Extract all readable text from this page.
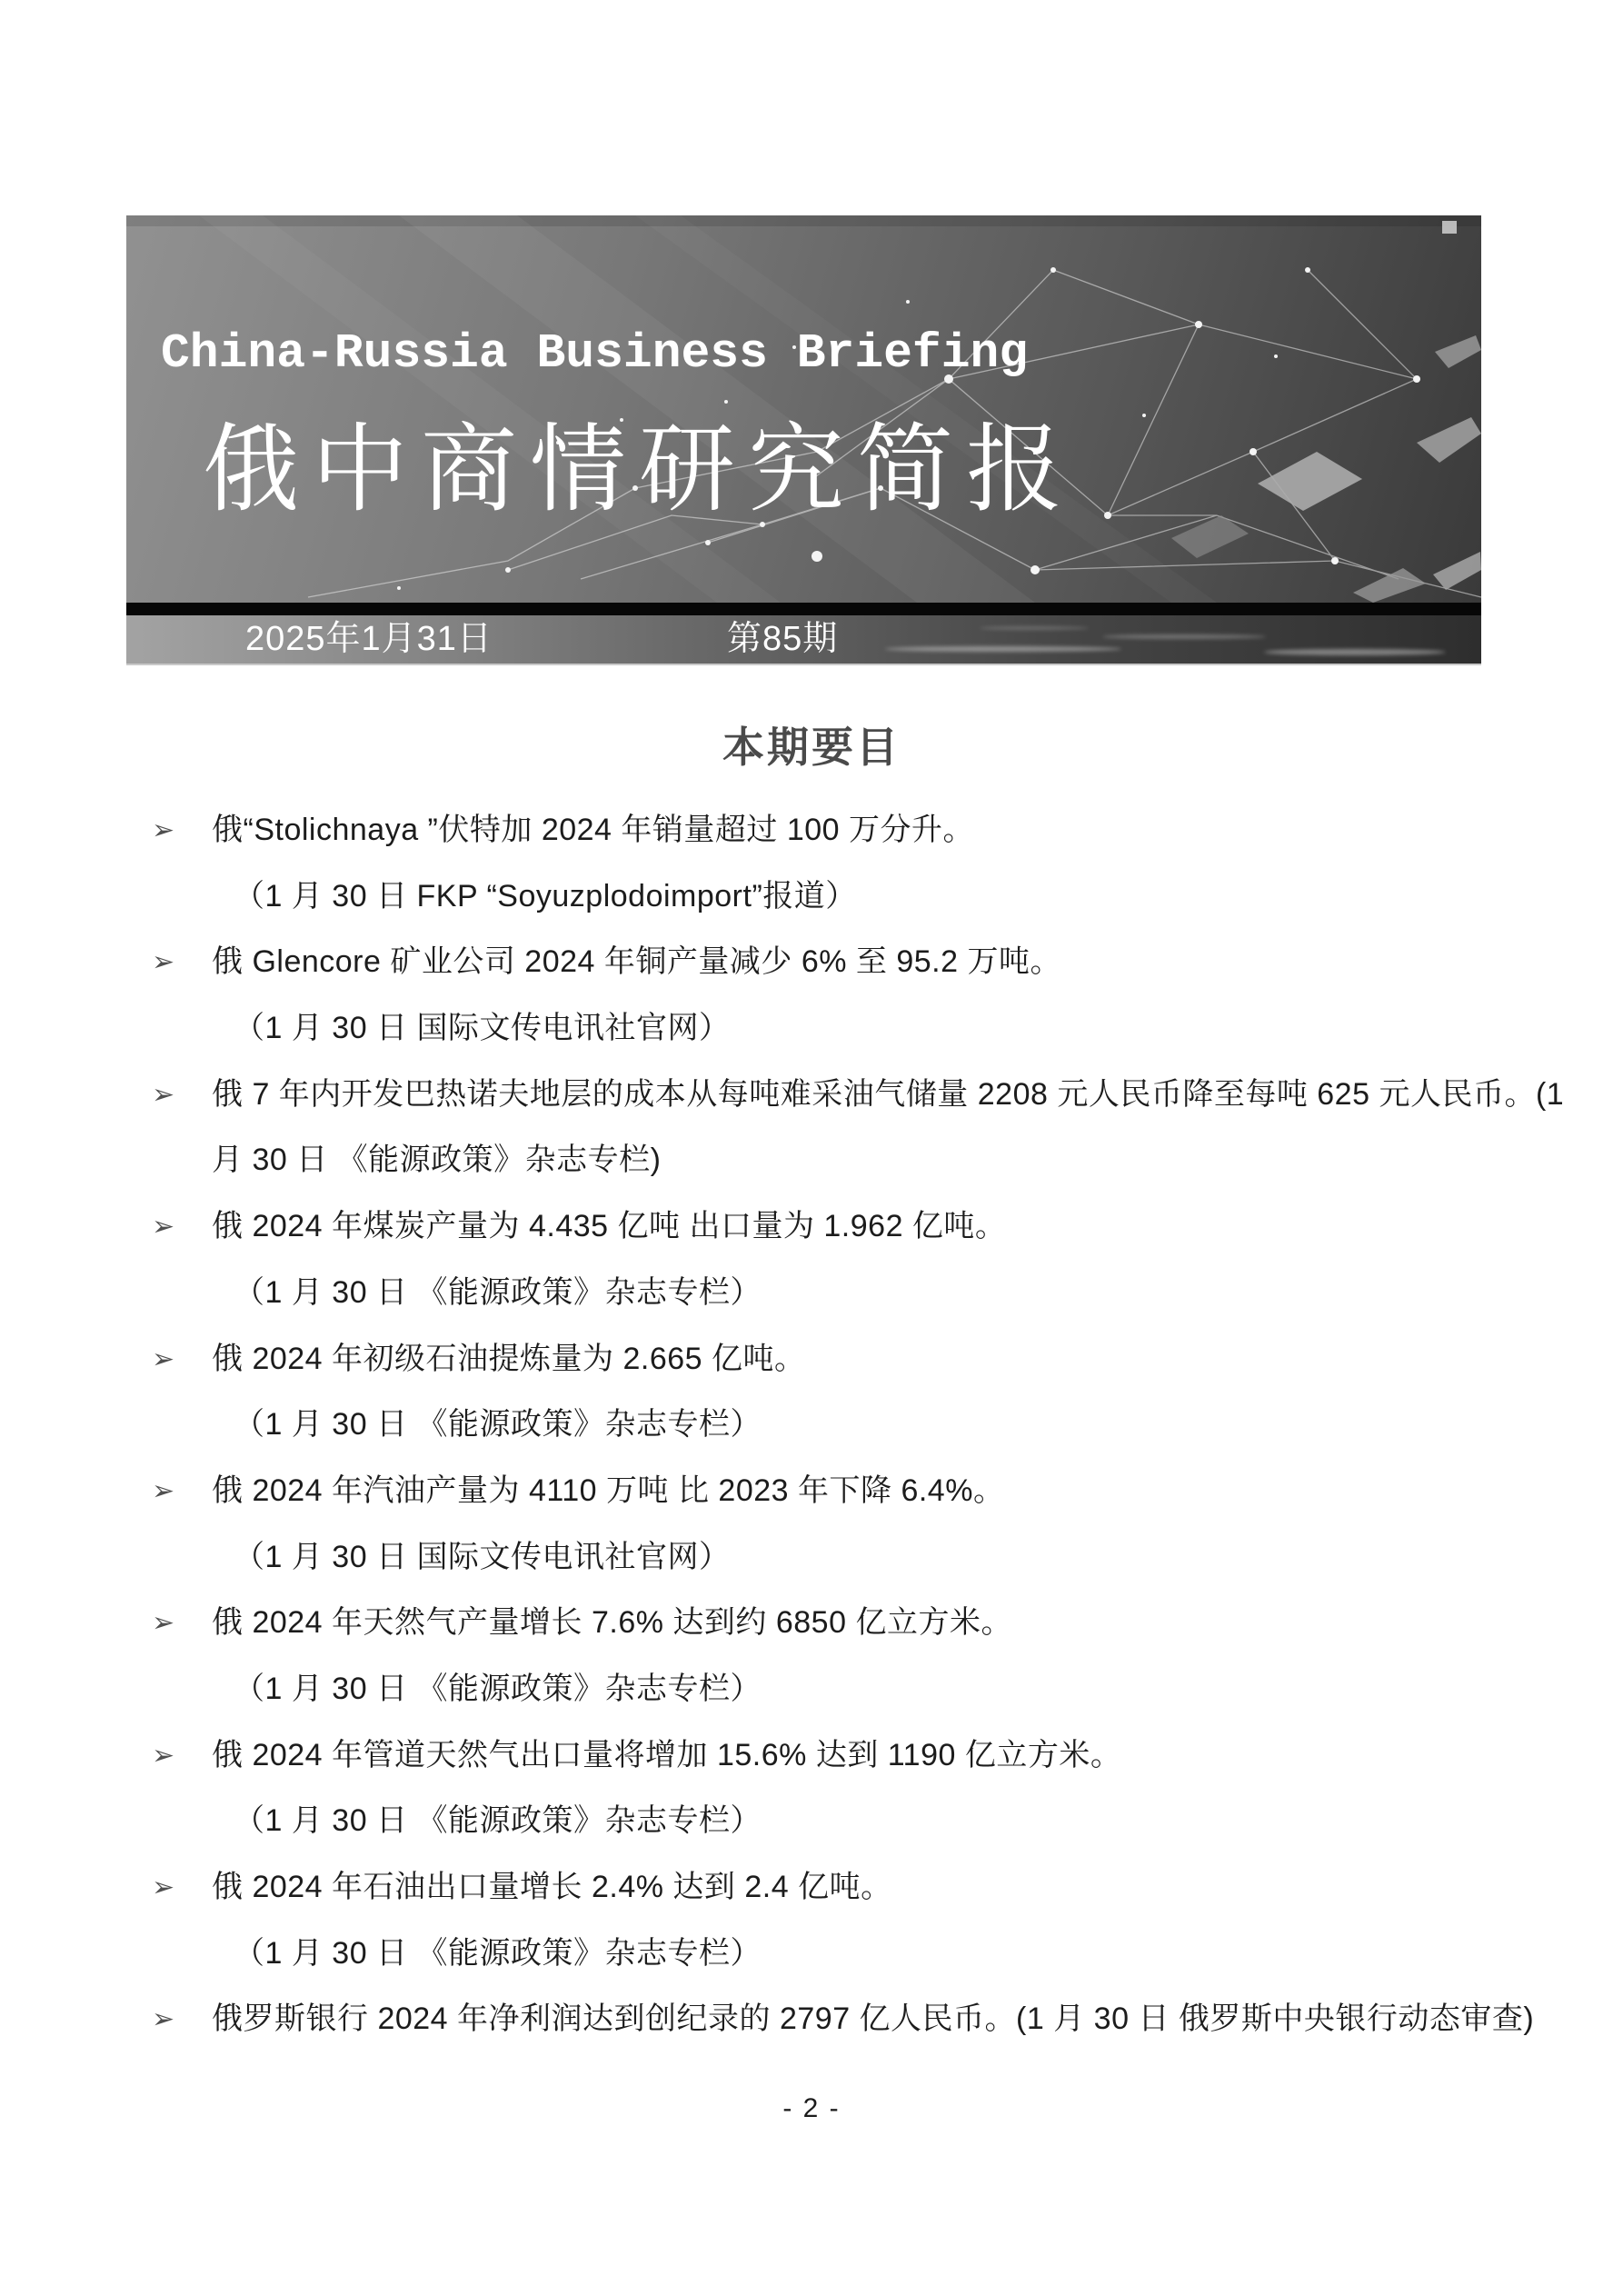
China-Russia Business Briefing
俄中商情研究简报
2025年1月31日	第85期
本期要目
➢ 俄“Stolichnaya ”伏特加 2024 年销量超过 100 万分升。
（1 月 30 日 FKP “Soyuzplodoimport”报道）
➢ 俄 Glencore 矿业公司 2024 年铜产量减少 6% 至 95.2 万吨。
（1 月 30 日 国际文传电讯社官网）
➢ 俄 7 年内开发巴热诺夫地层的成本从每吨难采油气储量 2208 元人民币降至每吨 625 元人民币。(1
月 30 日 《能源政策》杂志专栏)
➢ 俄 2024 年煤炭产量为 4.435 亿吨 出口量为 1.962 亿吨。
（1 月 30 日 《能源政策》杂志专栏）
➢ 俄 2024 年初级石油提炼量为 2.665 亿吨。
（1 月 30 日 《能源政策》杂志专栏）
➢ 俄 2024 年汽油产量为 4110 万吨 比 2023 年下降 6.4%。
（1 月 30 日 国际文传电讯社官网）
➢ 俄 2024 年天然气产量增长 7.6% 达到约 6850 亿立方米。
（1 月 30 日 《能源政策》杂志专栏）
➢ 俄 2024 年管道天然气出口量将增加 15.6% 达到 1190 亿立方米。
（1 月 30 日 《能源政策》杂志专栏）
➢ 俄 2024 年石油出口量增长 2.4% 达到 2.4 亿吨。
（1 月 30 日 《能源政策》杂志专栏）
➢ 俄罗斯银行 2024 年净利润达到创纪录的 2797 亿人民币。(1 月 30 日 俄罗斯中央银行动态审查)
- 2 -
